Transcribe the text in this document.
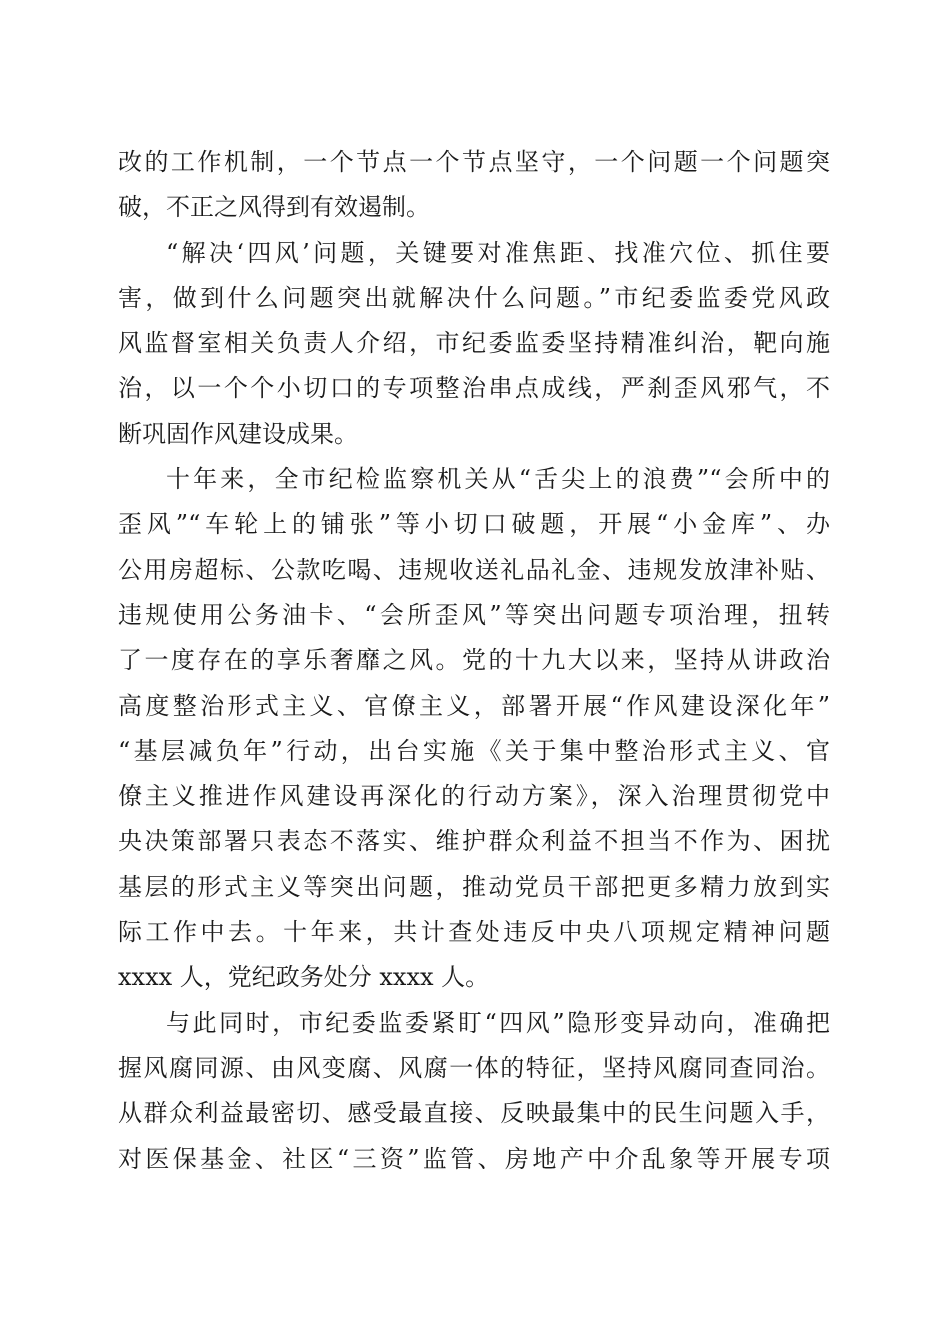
改的工作机制，一个节点一个节点坚守，一个问题一个问题突
破，不正之风得到有效遏制。
“解决‘四风’问题，关键要对准焦距、找准穴位、抓住要
害，做到什么问题突出就解决什么问题。”市纪委监委党风政
风监督室相关负责人介绍，市纪委监委坚持精准纠治，靶向施
治，以一个个小切口的专项整治串点成线，严刹歪风邪气，不
断巩固作风建设成果。
十年来，全市纪检监察机关从“舌尖上的浪费”“会所中的
歪风”“车轮上的铺张”等小切口破题，开展“小金库”、办
公用房超标、公款吃喝、违规收送礼品礼金、违规发放津补贴、
违规使用公务油卡、“会所歪风”等突出问题专项治理，扭转
了一度存在的享乐奢靡之风。党的十九大以来，坚持从讲政治
高度整治形式主义、官僚主义，部署开展“作风建设深化年”
“基层减负年”行动，出台实施《关于集中整治形式主义、官
僚主义推进作风建设再深化的行动方案》，深入治理贯彻党中
央决策部署只表态不落实、维护群众利益不担当不作为、困扰
基层的形式主义等突出问题，推动党员干部把更多精力放到实
际工作中去。十年来，共计查处违反中央八项规定精神问题
xxxx 人，党纪政务处分 xxxx 人。
与此同时，市纪委监委紧盯“四风”隐形变异动向，准确把
握风腐同源、由风变腐、风腐一体的特征，坚持风腐同查同治。
从群众利益最密切、感受最直接、反映最集中的民生问题入手，
对医保基金、社区“三资”监管、房地产中介乱象等开展专项
